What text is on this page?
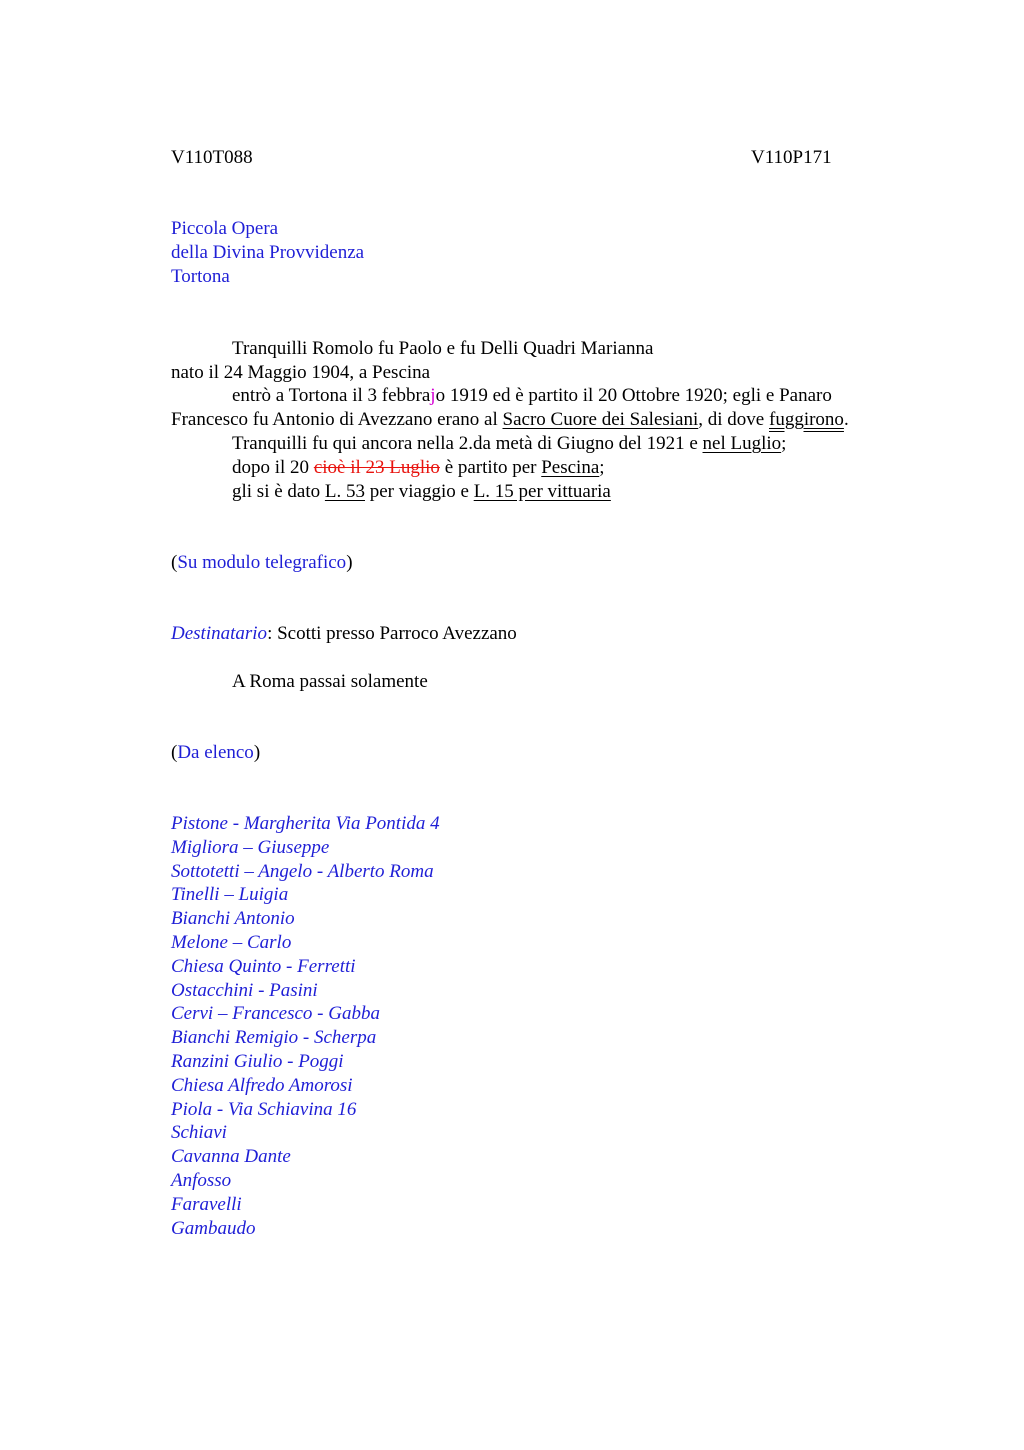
V110T088	V110P171
Piccola Opera
della Divina Provvidenza
Tortona
Tranquilli Romolo fu Paolo e fu Delli Quadri Marianna
nato il 24 Maggio 1904, a Pescina
entrò a Tortona il 3 febbrajo 1919 ed è partito il 20 Ottobre 1920; egli e Panaro
Francesco fu Antonio di Avezzano erano al Sacro Cuore dei Salesiani, di dove fuggirono.
Tranquilli fu qui ancora nella 2.da metà di Giugno del 1921 e nel Luglio;
dopo il 20 cioè il 23 Luglio è partito per Pescina;
gli si è dato L. 53 per viaggio e L. 15 per vittuaria
(Su modulo telegrafico)
Destinatario: Scotti presso Parroco Avezzano
A Roma passai solamente
(Da elenco)
Pistone - Margherita Via Pontida 4
Migliora – Giuseppe
Sottotetti – Angelo - Alberto Roma
Tinelli – Luigia
Bianchi Antonio
Melone – Carlo
Chiesa Quinto - Ferretti
Ostacchini - Pasini
Cervi – Francesco - Gabba
Bianchi Remigio - Scherpa
Ranzini Giulio - Poggi
Chiesa Alfredo Amorosi
Piola - Via Schiavina 16
Schiavi
Cavanna Dante
Anfosso
Faravelli
Gambaudo
